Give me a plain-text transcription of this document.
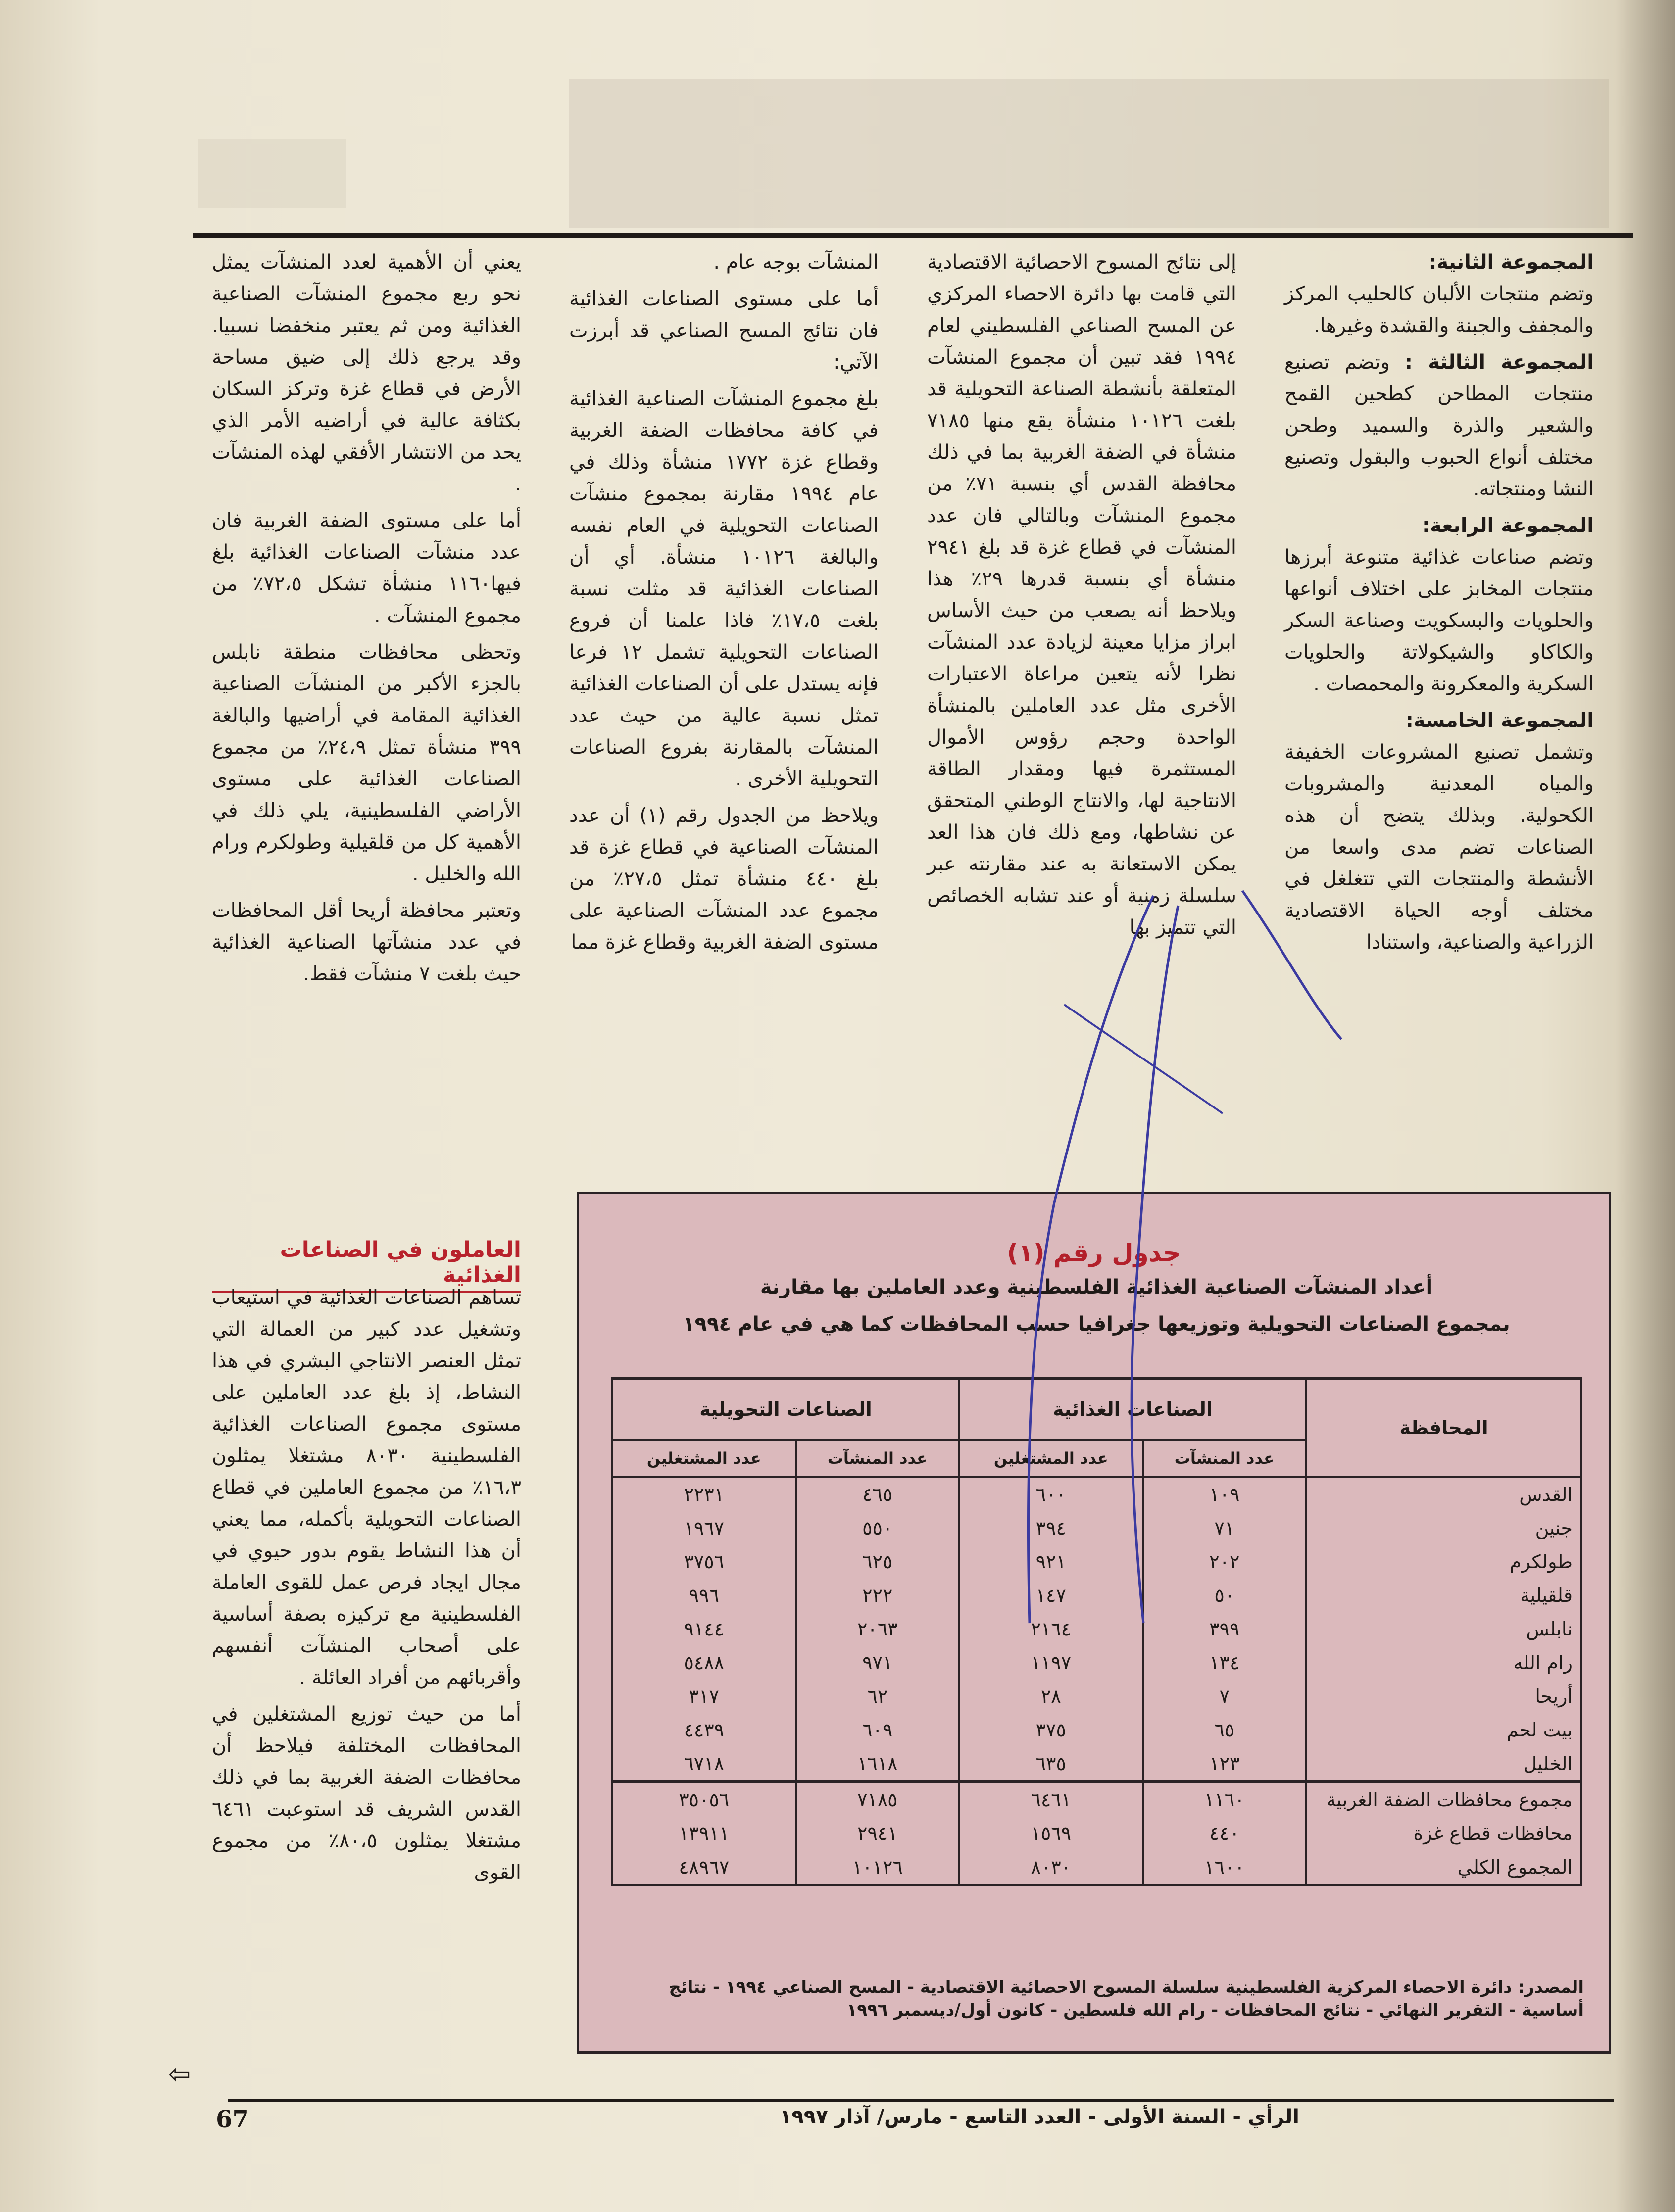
المجموعة الثانية:
وتضم منتجات الألبان كالحليب المركز والمجفف والجبنة والقشدة وغيرها.

المجموعة الثالثة : وتضم تصنيع منتجات المطاحن كطحين القمح والشعير والذرة والسميد وطحن مختلف أنواع الحبوب والبقول وتصنيع النشا ومنتجاته.

المجموعة الرابعة:
وتضم صناعات غذائية متنوعة أبرزها منتجات المخابز على اختلاف أنواعها والحلويات والبسكويت وصناعة السكر والكاكاو والشيكولاتة والحلويات السكرية والمعكرونة والمحمصات .

المجموعة الخامسة:
وتشمل تصنيع المشروعات الخفيفة والمياه المعدنية والمشروبات الكحولية. وبذلك يتضح أن هذه الصناعات تضم مدى واسعا من الأنشطة والمنتجات التي تتغلغل في مختلف أوجه الحياة الاقتصادية الزراعية والصناعية، واستنادا

إلى نتائج المسوح الاحصائية الاقتصادية التي قامت بها دائرة الاحصاء المركزي عن المسح الصناعي الفلسطيني لعام ١٩٩٤ فقد تبين أن مجموع المنشآت المتعلقة بأنشطة الصناعة التحويلية قد بلغت ١٠١٢٦ منشأة يقع منها ٧١٨٥ منشأة في الضفة الغربية بما في ذلك محافظة القدس أي بنسبة ٧١٪ من مجموع المنشآت وبالتالي فان عدد المنشآت في قطاع غزة قد بلغ ٢٩٤١ منشأة أي بنسبة قدرها ٢٩٪ هذا ويلاحظ أنه يصعب من حيث الأساس ابراز مزايا معينة لزيادة عدد المنشآت نظرا لأنه يتعين مراعاة الاعتبارات الأخرى مثل عدد العاملين بالمنشأة الواحدة وحجم رؤوس الأموال المستثمرة فيها ومقدار الطاقة الانتاجية لها، والانتاج الوطني المتحقق عن نشاطها، ومع ذلك فان هذا العد يمكن الاستعانة به عند مقارنته عبر سلسلة زمنية أو عند تشابه الخصائص التي تتميز بها

المنشآت بوجه عام .

أما على مستوى الصناعات الغذائية فان نتائج المسح الصناعي قد أبرزت الآتي:

بلغ مجموع المنشآت الصناعية الغذائية في كافة محافظات الضفة الغربية وقطاع غزة ١٧٧٢ منشأة وذلك في عام ١٩٩٤ مقارنة بمجموع منشآت الصناعات التحويلية في العام نفسه والبالغة ١٠١٢٦ منشأة. أي أن الصناعات الغذائية قد مثلت نسبة بلغت ١٧،٥٪ فاذا علمنا أن فروع الصناعات التحويلية تشمل ١٢ فرعا فإنه يستدل على أن الصناعات الغذائية تمثل نسبة عالية من حيث عدد المنشآت بالمقارنة بفروع الصناعات التحويلية الأخرى .

ويلاحظ من الجدول رقم (١) أن عدد المنشآت الصناعية في قطاع غزة قد بلغ ٤٤٠ منشأة تمثل ٢٧،٥٪ من مجموع عدد المنشآت الصناعية على مستوى الضفة الغربية وقطاع غزة مما

يعني أن الأهمية لعدد المنشآت يمثل نحو ربع مجموع المنشآت الصناعية الغذائية ومن ثم يعتبر منخفضا نسبيا. وقد يرجع ذلك إلى ضيق مساحة الأرض في قطاع غزة وتركز السكان بكثافة عالية في أراضيه الأمر الذي يحد من الانتشار الأفقي لهذه المنشآت .

أما على مستوى الضفة الغربية فان عدد منشآت الصناعات الغذائية بلغ فيها١١٦٠ منشأة تشكل ٧٢،٥٪ من مجموع المنشآت .

وتحظى محافظات منطقة نابلس بالجزء الأكبر من المنشآت الصناعية الغذائية المقامة في أراضيها والبالغة ٣٩٩ منشأة تمثل ٢٤،٩٪ من مجموع الصناعات الغذائية على مستوى الأراضي الفلسطينية، يلي ذلك في الأهمية كل من قلقيلية وطولكرم ورام الله والخليل .

وتعتبر محافظة أريحا أقل المحافظات في عدد منشآتها الصناعية الغذائية حيث بلغت ٧ منشآت فقط.

العاملون في الصناعات الغذائية

تساهم الصناعات الغذائية في استيعاب وتشغيل عدد كبير من العمالة التي تمثل العنصر الانتاجي البشري في هذا النشاط، إذ بلغ عدد العاملين على مستوى مجموع الصناعات الغذائية الفلسطينية ٨٠٣٠ مشتغلا يمثلون ١٦،٣٪ من مجموع العاملين في قطاع الصناعات التحويلية بأكمله، مما يعني أن هذا النشاط يقوم بدور حيوي في مجال ايجاد فرص عمل للقوى العاملة الفلسطينية مع تركيزه بصفة أساسية على أصحاب المنشآت أنفسهم وأقربائهم من أفراد العائلة .

أما من حيث توزيع المشتغلين في المحافظات المختلفة فيلاحظ أن محافظات الضفة الغربية بما في ذلك القدس الشريف قد استوعبت ٦٤٦١ مشتغلا يمثلون ٨٠،٥٪ من مجموع القوى

جدول رقم (١)
أعداد المنشآت الصناعية الغذائية الفلسطينية وعدد العاملين بها مقارنة
بمجموع الصناعات التحويلية وتوزيعها جغرافيا حسب المحافظات كما هي في عام ١٩٩٤
المحافظة	الصناعات الغذائية		الصناعات التحويلية	
	عدد المنشآت	عدد المشتغلين	عدد المنشآت	عدد المشتغلين
القدس	١٠٩	٦٠٠	٤٦٥	٢٢٣١
جنين	٧١	٣٩٤	٥٥٠	١٩٦٧
طولكرم	٢٠٢	٩٢١	٦٢٥	٣٧٥٦
قلقيلية	٥٠	١٤٧	٢٢٢	٩٩٦
نابلس	٣٩٩	٢١٦٤	٢٠٦٣	٩١٤٤
رام الله	١٣٤	١١٩٧	٩٧١	٥٤٨٨
أريحا	٧	٢٨	٦٢	٣١٧
بيت لحم	٦٥	٣٧٥	٦٠٩	٤٤٣٩
الخليل	١٢٣	٦٣٥	١٦١٨	٦٧١٨
مجموع محافظات الضفة الغربية	١١٦٠	٦٤٦١	٧١٨٥	٣٥٠٥٦
محافظات قطاع غزة	٤٤٠	١٥٦٩	٢٩٤١	١٣٩١١
المجموع الكلي	١٦٠٠	٨٠٣٠	١٠١٢٦	٤٨٩٦٧
المصدر: دائرة الاحصاء المركزية الفلسطينية سلسلة المسوح الاحصائية الاقتصادية - المسح الصناعي ١٩٩٤ - نتائج أساسية - التقرير النهائي - نتائج المحافظات - رام الله فلسطين - كانون أول/ديسمبر ١٩٩٦
⇦
67	الرأي - السنة الأولى - العدد التاسع - مارس/ آذار ١٩٩٧
